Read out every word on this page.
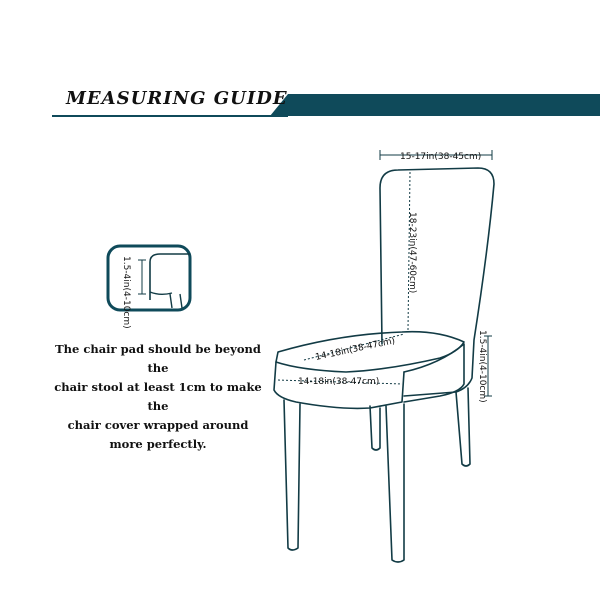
MEASURING GUIDE
1.5-4in(4-10cm)
15-17in(38-45cm)
18-23in(47-60cm)
14-18in(38-47cm)
14-18in(38-47cm)	1.5-4in(4-10cm)
The chair pad should be beyond the
chair stool at least 1cm to make the
chair cover wrapped around
more perfectly.
